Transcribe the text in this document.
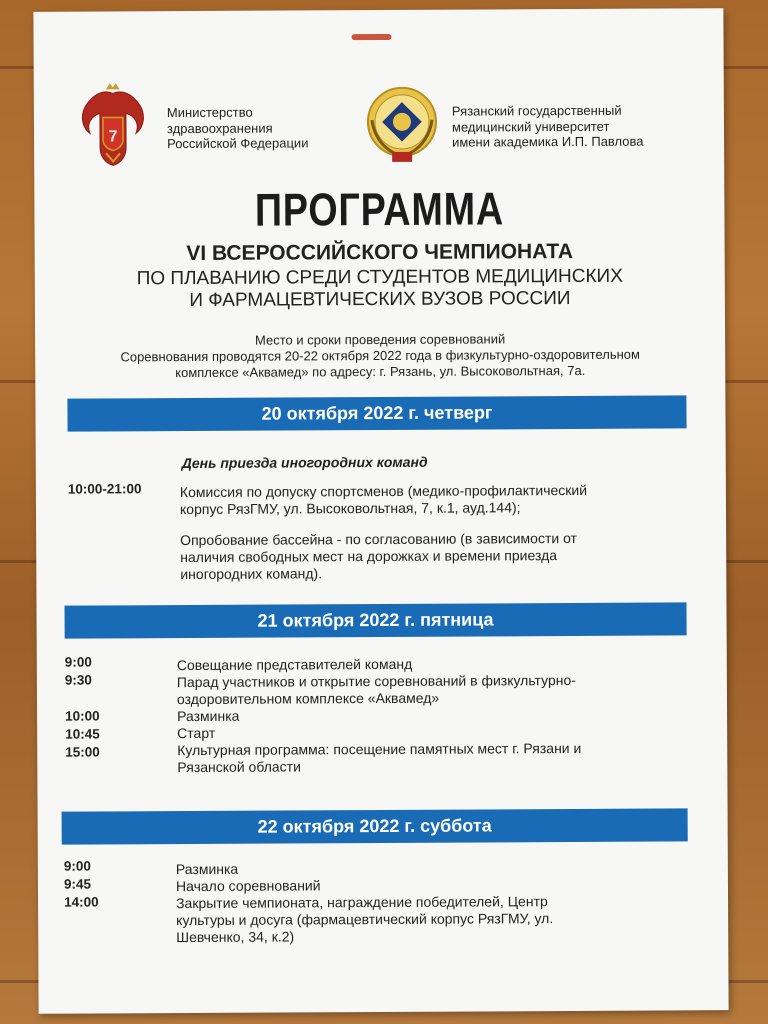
7
Министерство
здравоохранения
Российской Федерации
Рязанский государственный
медицинский университет
имени академика И.П. Павлова
ПРОГРАММА
VI ВСЕРОССИЙСКОГО ЧЕМПИОНАТА
ПО ПЛАВАНИЮ СРЕДИ СТУДЕНТОВ МЕДИЦИНСКИХ
И ФАРМАЦЕВТИЧЕСКИХ ВУЗОВ РОССИИ
Место и сроки проведения соревнований
Соревнования проводятся 20-22 октября 2022 года в физкультурно-оздоровительном
комплексе «Аквамед» по адресу: г. Рязань, ул. Высоковольтная, 7а.
20 октября 2022 г. четверг
День приезда иногородних команд
10:00-21:00	Комиссия по допуску спортсменов (медико-профилактический
корпус РязГМУ, ул. Высоковольтная, 7, к.1, ауд.144);
Опробование бассейна - по согласованию (в зависимости от
наличия свободных мест на дорожках и времени приезда
иногородних команд).
21 октября 2022 г. пятница
9:00
9:30
10:00
10:45
15:00
Совещание представителей команд
Парад участников и открытие соревнований в физкультурно-
оздоровительном комплексе «Аквамед»
Разминка
Старт
Культурная программа: посещение памятных мест г. Рязани и
Рязанской области
22 октября 2022 г. суббота
9:00
9:45
14:00
Разминка
Начало соревнований
Закрытие чемпионата, награждение победителей, Центр
культуры и досуга (фармацевтический корпус РязГМУ, ул.
Шевченко, 34, к.2)
